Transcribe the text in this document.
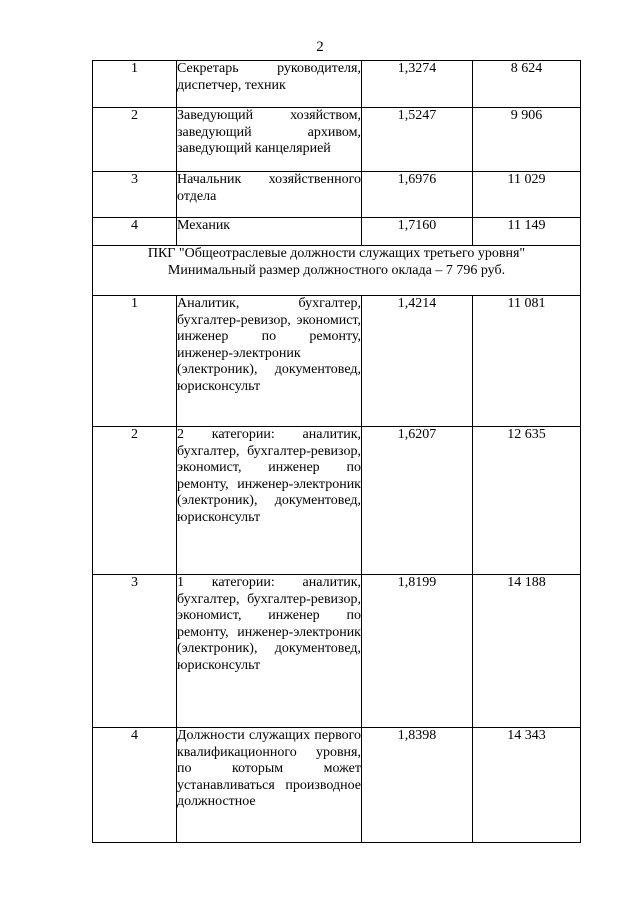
2
1	Секретарь руководителя, диспетчер, техник	1,3274	8 624
2	Заведующий хозяйством, заведующий архивом, заведующий канцелярией	1,5247	9 906
3	Начальник хозяйственного отдела	1,6976	11 029
4	Механик	1,7160	11 149

ПКГ "Общеотраслевые должности служащих третьего уровня"
Минимальный размер должностного оклада – 7 796 руб.			

1	Аналитик, бухгалтер, бухгалтер-ревизор, экономист, инженер по ремонту, инженер-электроник (электроник), документовед, юрисконсульт	1,4214	11 081
2	2 категории: аналитик, бухгалтер, бухгалтер-ревизор, экономист, инженер по ремонту, инженер-электроник (электроник), документовед, юрисконсульт	1,6207	12 635
3	1 категории: аналитик, бухгалтер, бухгалтер-ревизор, экономист, инженер по ремонту, инженер-электроник (электроник), документовед, юрисконсульт	1,8199	14 188
4	Должности служащих первого квалификационного уровня, по которым может устанавливаться производное должностное	1,8398	14 343
